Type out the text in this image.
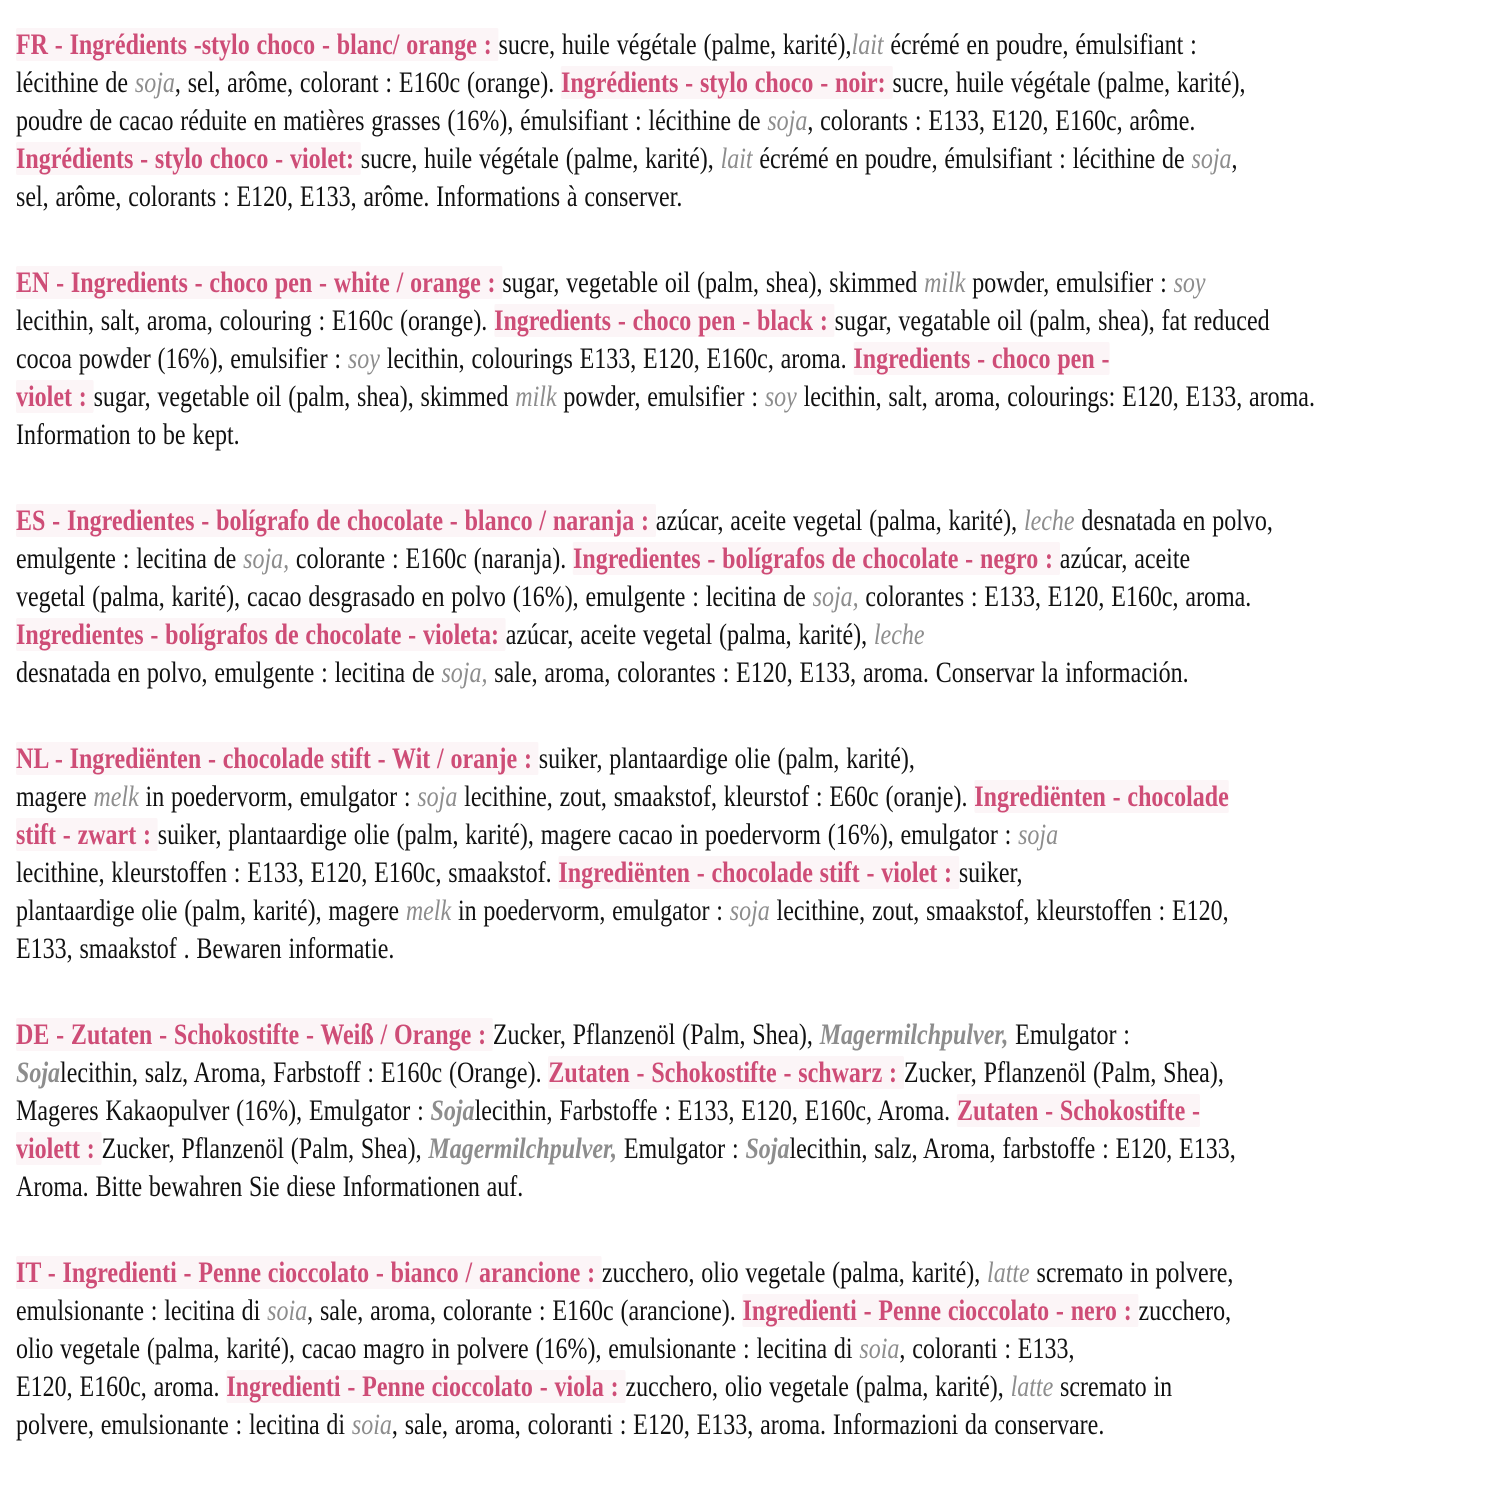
FR - Ingrédients -stylo choco - blanc/ orange : sucre, huile végétale (palme, karité),lait écrémé en poudre, émulsifiant :
lécithine de soja, sel, arôme, colorant : E160c (orange). Ingrédients - stylo choco - noir: sucre, huile végétale (palme, karité),
poudre de cacao réduite en matières grasses (16%), émulsifiant : lécithine de soja, colorants : E133, E120, E160c, arôme.
Ingrédients - stylo choco - violet: sucre, huile végétale (palme, karité), lait écrémé en poudre, émulsifiant : lécithine de soja,
sel, arôme, colorants : E120, E133, arôme. Informations à conserver.
EN - Ingredients - choco pen - white / orange : sugar, vegetable oil (palm, shea), skimmed milk powder, emulsifier : soy
lecithin, salt, aroma, colouring : E160c (orange). Ingredients - choco pen - black : sugar, vegatable oil (palm, shea), fat reduced
cocoa powder (16%), emulsifier : soy lecithin, colourings E133, E120, E160c, aroma. Ingredients - choco pen -
violet : sugar, vegetable oil (palm, shea), skimmed milk powder, emulsifier : soy lecithin, salt, aroma, colourings: E120, E133, aroma.
Information to be kept.
ES - Ingredientes - bolígrafo de chocolate - blanco / naranja : azúcar, aceite vegetal (palma, karité), leche desnatada en polvo,
emulgente : lecitina de soja, colorante : E160c (naranja). Ingredientes - bolígrafos de chocolate - negro : azúcar, aceite
vegetal (palma, karité), cacao desgrasado en polvo (16%), emulgente : lecitina de soja, colorantes : E133, E120, E160c, aroma.
Ingredientes - bolígrafos de chocolate - violeta: azúcar, aceite vegetal (palma, karité), leche
desnatada en polvo, emulgente : lecitina de soja, sale, aroma, colorantes : E120, E133, aroma. Conservar la información.
NL - Ingrediënten - chocolade stift - Wit / oranje : suiker, plantaardige olie (palm, karité),
magere melk in poedervorm, emulgator : soja lecithine, zout, smaakstof, kleurstof : E60c (oranje). Ingrediënten - chocolade
stift - zwart : suiker, plantaardige olie (palm, karité), magere cacao in poedervorm (16%), emulgator : soja
lecithine, kleurstoffen : E133, E120, E160c, smaakstof. Ingrediënten - chocolade stift - violet : suiker,
plantaardige olie (palm, karité), magere melk in poedervorm, emulgator : soja lecithine, zout, smaakstof, kleurstoffen : E120,
E133, smaakstof . Bewaren informatie.
DE - Zutaten - Schokostifte - Weiß / Orange : Zucker, Pflanzenöl (Palm, Shea), Magermilchpulver, Emulgator :
Sojalecithin, salz, Aroma, Farbstoff : E160c (Orange). Zutaten - Schokostifte - schwarz : Zucker, Pflanzenöl (Palm, Shea),
Mageres Kakaopulver (16%), Emulgator : Sojalecithin, Farbstoffe : E133, E120, E160c, Aroma. Zutaten - Schokostifte -
violett : Zucker, Pflanzenöl (Palm, Shea), Magermilchpulver, Emulgator : Sojalecithin, salz, Aroma, farbstoffe : E120, E133,
Aroma. Bitte bewahren Sie diese Informationen auf.
IT - Ingredienti - Penne cioccolato - bianco / arancione : zucchero, olio vegetale (palma, karité), latte scremato in polvere,
emulsionante : lecitina di soia, sale, aroma, colorante : E160c (arancione). Ingredienti - Penne cioccolato - nero : zucchero,
olio vegetale (palma, karité), cacao magro in polvere (16%), emulsionante : lecitina di soia, coloranti : E133,
E120, E160c, aroma. Ingredienti - Penne cioccolato - viola : zucchero, olio vegetale (palma, karité), latte scremato in
polvere, emulsionante : lecitina di soia, sale, aroma, coloranti : E120, E133, aroma. Informazioni da conservare.
